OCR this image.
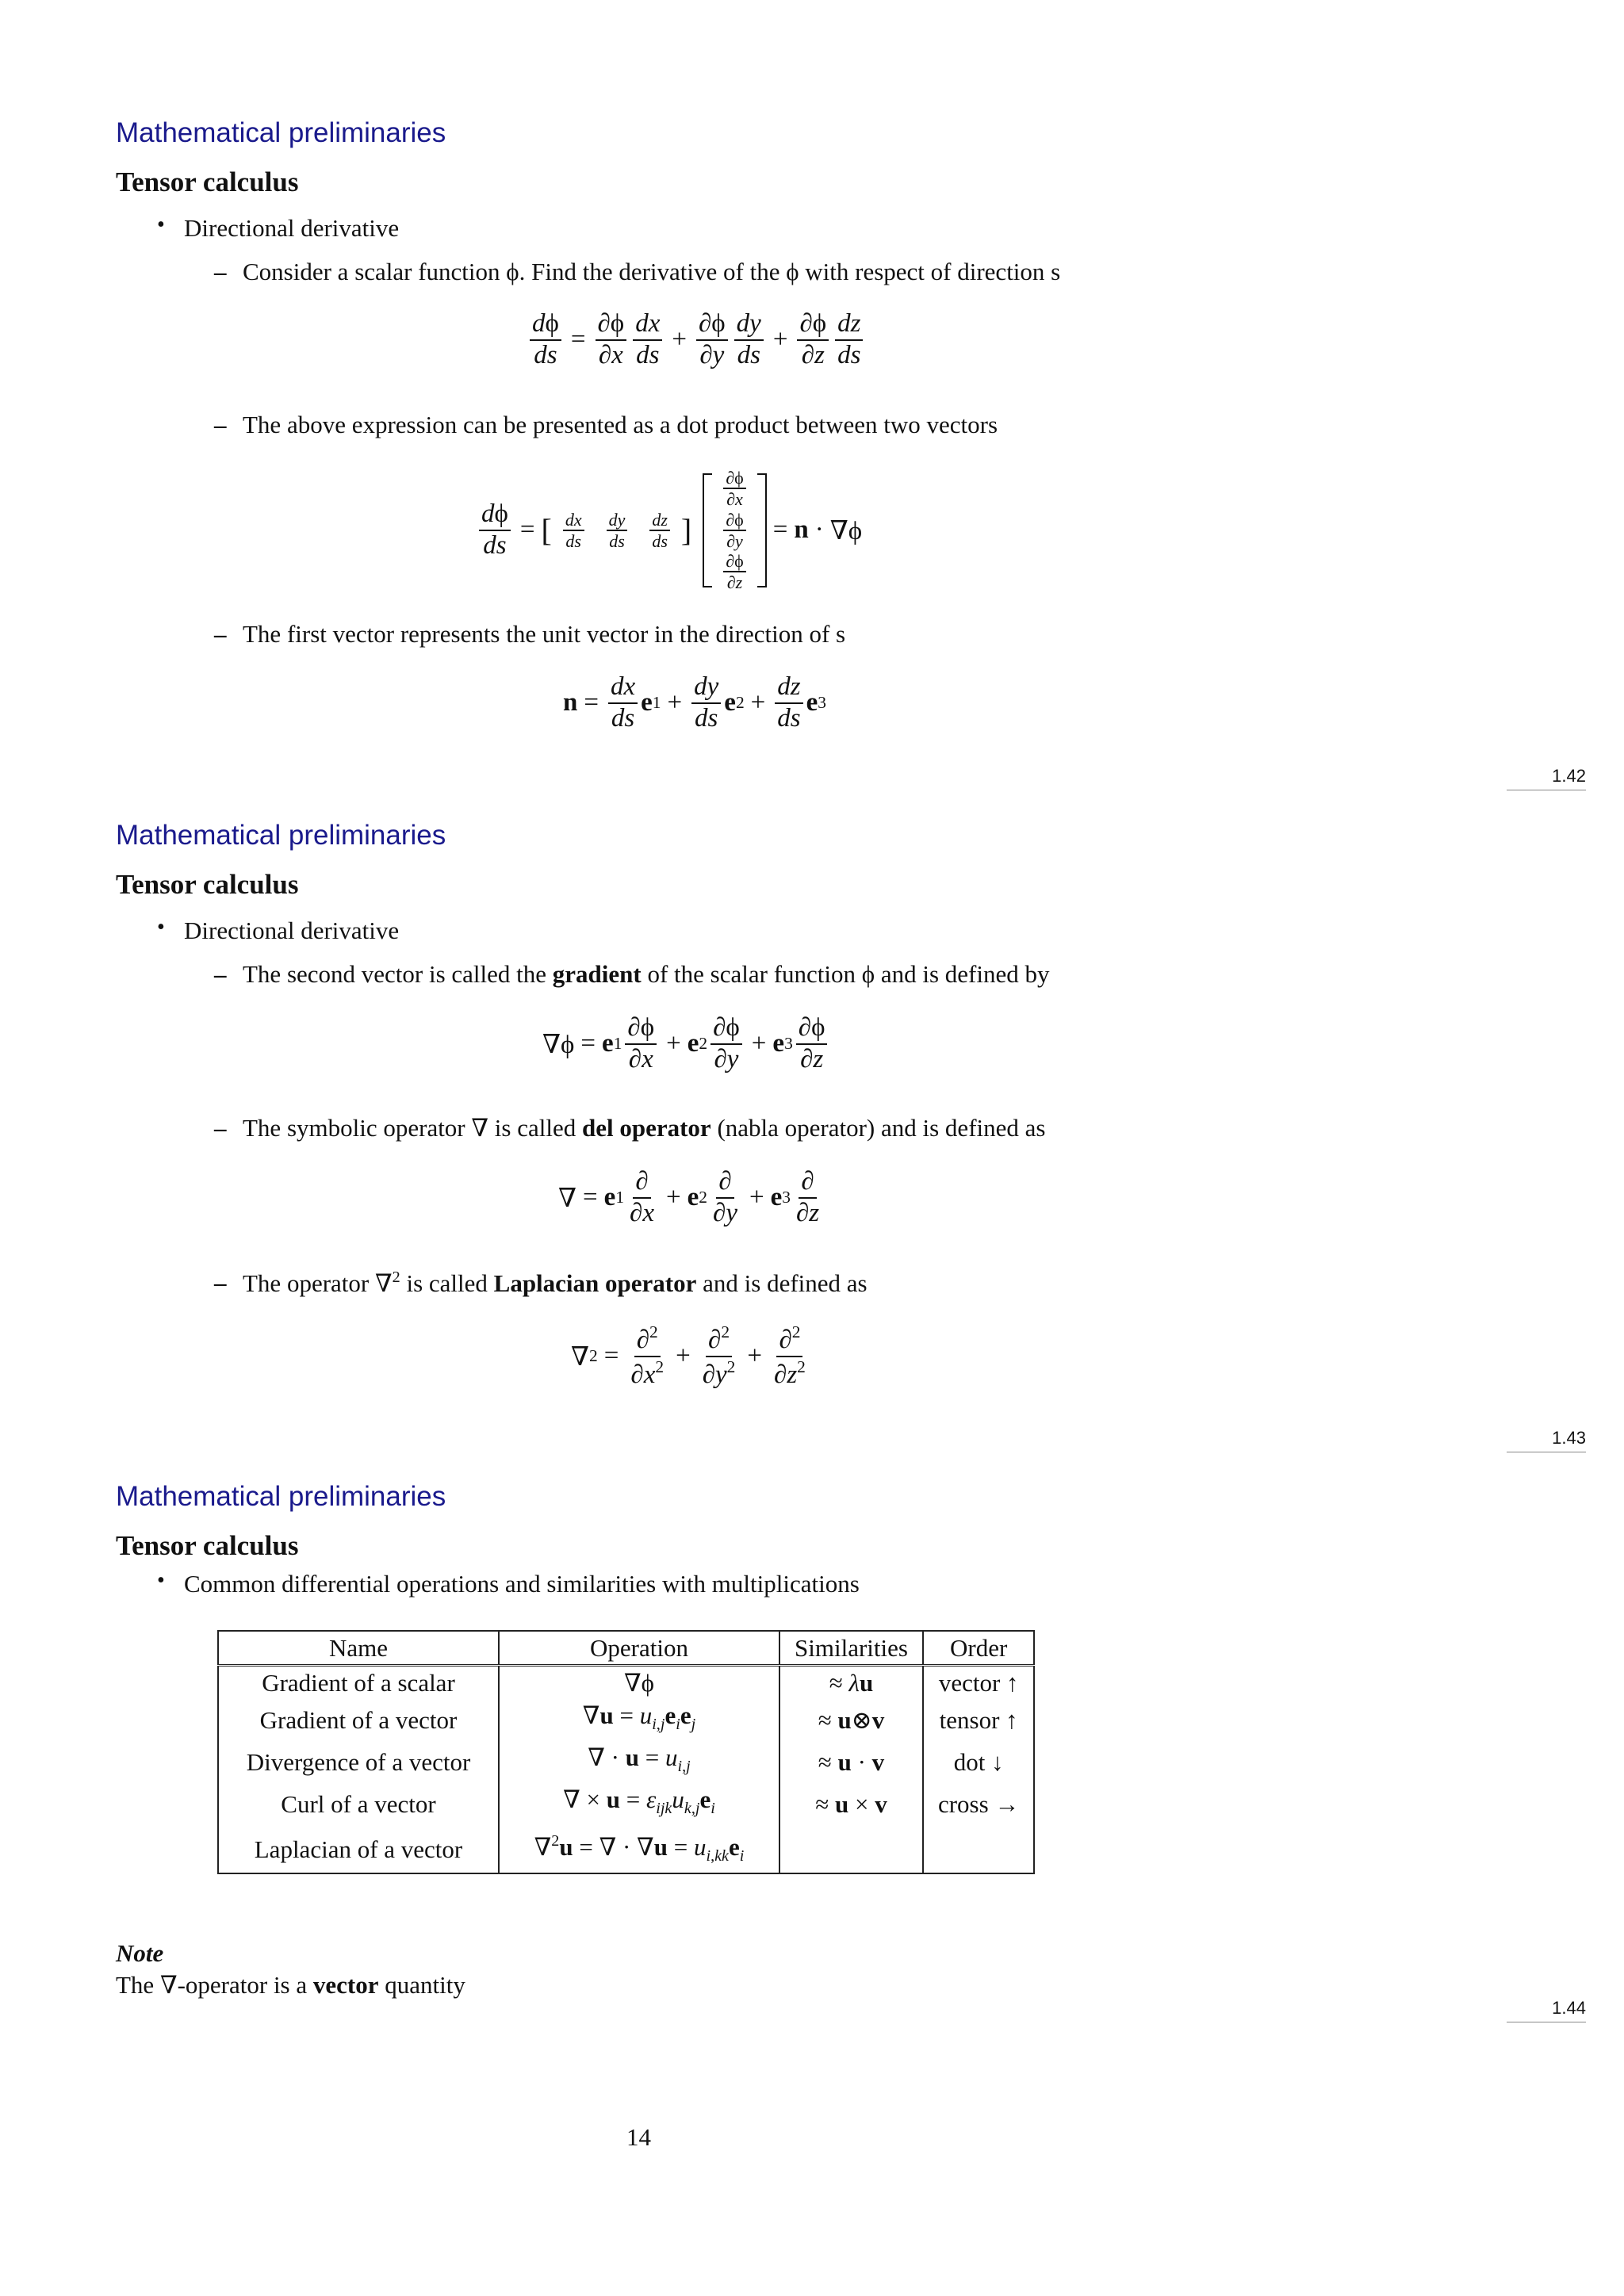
Mathematical preliminaries
Tensor calculus
• Directional derivative
– Consider a scalar function ϕ. Find the derivative of the ϕ with respect of direction s
$\frac{d\phi}{ds} = \frac{\partial\phi}{\partial x} \frac{dx}{ds} + \frac{\partial\phi}{\partial y} \frac{dy}{ds} + \frac{\partial\phi}{\partial z} \frac{dz}{ds}$
– The above expression can be presented as a dot product between two vectors
$\frac{d\phi}{ds}$ = [ $\frac{dx}{ds} \frac{dy}{ds} \frac{dz}{ds}$ ]
$\frac{\partial\phi}{\partial x}$
$\frac{\partial\phi}{\partial y}$
$\frac{\partial\phi}{\partial z}$
= n · ∇ϕ
– The first vector represents the unit vector in the direction of s
$n = \frac{dx}{ds}$ e $1 + \frac{dy}{ds}$ e $2 + \frac{dz}{ds}$ e 3
1.42
Mathematical preliminaries
Tensor calculus
• Directional derivative
– The second vector is called the gradient of the scalar function ϕ and is defined by
∇ϕ = e $1 \frac{\partial\phi}{\partial x} + e$ $2 \frac{\partial\phi}{\partial y} + e$ $3 \frac{\partial\phi}{\partial z}$
– The symbolic operator ∇ is called del operator (nabla operator) and is defined as
∇ = e $1 \frac{\partial}{\partial x} + e$ $2 \frac{\partial}{\partial y} + e$ $3 \frac{\partial}{\partial z}$
– The operator ∇$^2$ is called Laplacian operator and is defined as
∇ $2 = \frac{\partial^2}{\partial x^2} + \frac{\partial^2}{\partial y^2} + \frac{\partial^2}{\partial z^2}$
1.43
Mathematical preliminaries
Tensor calculus
• Common differential operations and similarities with multiplications
Name	Operation	Similarities	Order
Gradient of a scalar	∇ϕ	≈ λu	vector ↑
Gradient of a vector	$\nabla u = u_{i,j}e_ie_j$	≈ u⊗v	tensor ↑
Divergence of a vector	∇ · $u = u_{i,j}$	≈ u · v	dot ↓
Curl of a vector	∇ × $u = \varepsilon_{ijk}u_{k,j}e_i$	≈ u × v	cross →
Laplacian of a vector	∇$^2$u = ∇ · $\nabla u = u_{i,kk}e_i$		
Note
The ∇-operator is a vector quantity
1.44
14
